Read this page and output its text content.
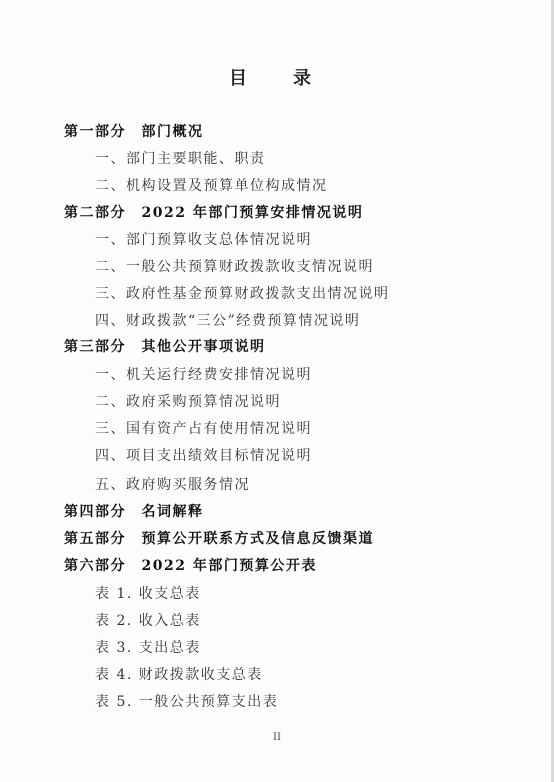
目　录
第一部分　部门概况
一、部门主要职能、职责
二、机构设置及预算单位构成情况
第二部分　2022 年部门预算安排情况说明
一、部门预算收支总体情况说明
二、一般公共预算财政拨款收支情况说明
三、政府性基金预算财政拨款支出情况说明
四、财政拨款“三公”经费预算情况说明
第三部分　其他公开事项说明
一、机关运行经费安排情况说明
二、政府采购预算情况说明
三、国有资产占有使用情况说明
四、项目支出绩效目标情况说明
五、政府购买服务情况
第四部分　名词解释
第五部分　预算公开联系方式及信息反馈渠道
第六部分　2022 年部门预算公开表
表 1. 收支总表
表 2. 收入总表
表 3. 支出总表
表 4. 财政拨款收支总表
表 5. 一般公共预算支出表
II
